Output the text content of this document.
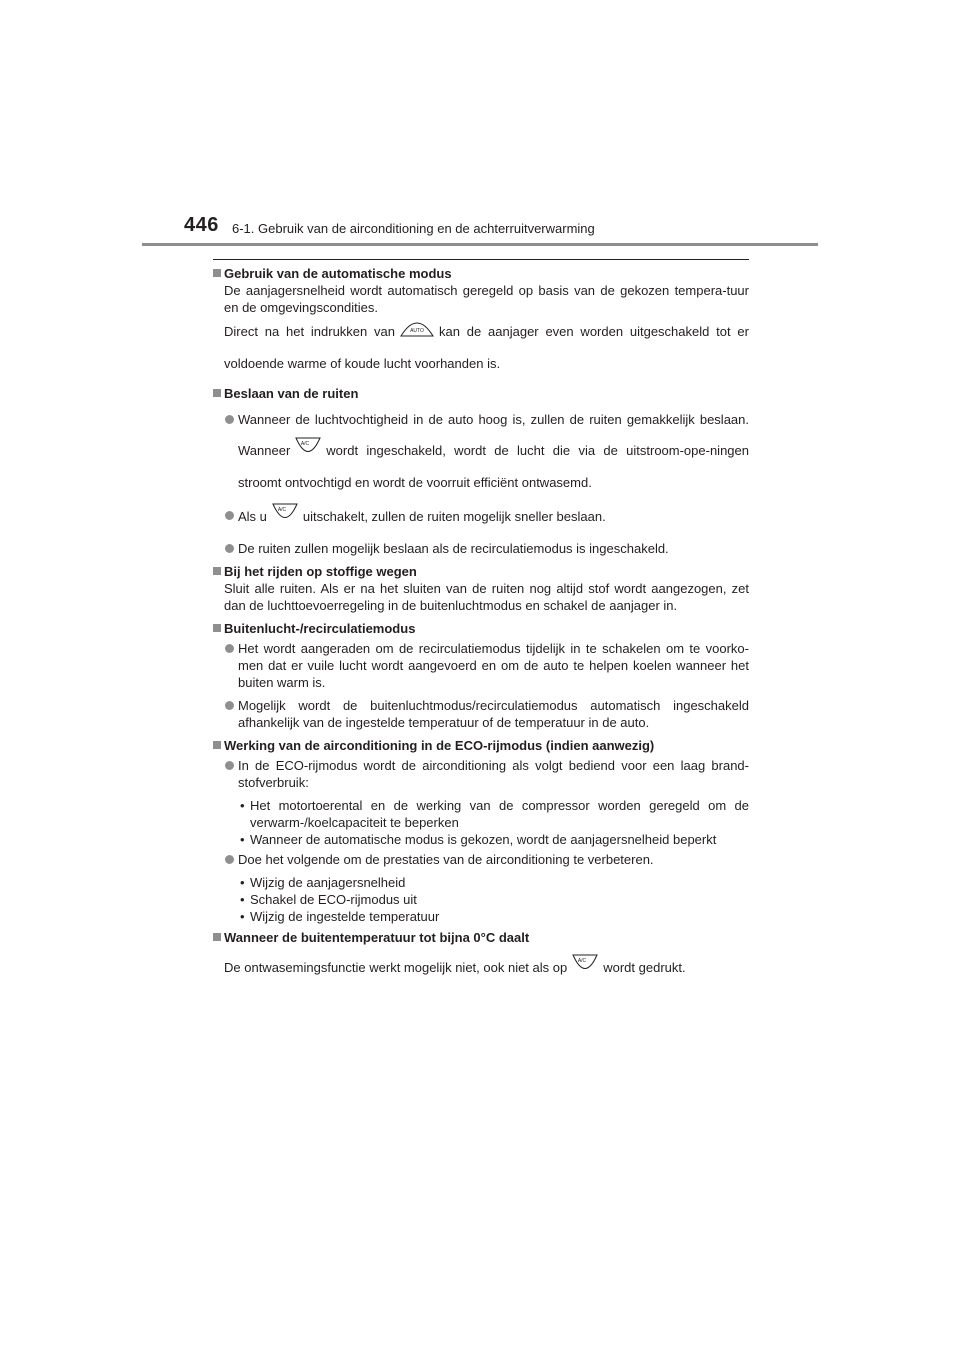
446 6-1. Gebruik van de airconditioning en de achterruitverwarming
Gebruik van de automatische modus
De aanjagersnelheid wordt automatisch geregeld op basis van de gekozen tempera-tuur en de omgevingscondities.
Direct na het indrukken van	AUTO kan de aanjager even worden uitgeschakeld tot er voldoende warme of koude lucht voorhanden is.
Beslaan van de ruiten
Wanneer de luchtvochtigheid in de auto hoog is, zullen de ruiten gemakkelijk beslaan. Wanneer A/C wordt ingeschakeld, wordt de lucht die via de uitstroom-ope-ningen stroomt ontvochtigd en wordt de voorruit efficiënt ontwasemd.
Als u A/C uitschakelt, zullen de ruiten mogelijk sneller beslaan.
De ruiten zullen mogelijk beslaan als de recirculatiemodus is ingeschakeld.
Bij het rijden op stoffige wegen
Sluit alle ruiten. Als er na het sluiten van de ruiten nog altijd stof wordt aangezogen, zet dan de luchttoevoerregeling in de buitenluchtmodus en schakel de aanjager in.
Buitenlucht-/recirculatiemodus
Het wordt aangeraden om de recirculatiemodus tijdelijk in te schakelen om te voorko-men dat er vuile lucht wordt aangevoerd en om de auto te helpen koelen wanneer het buiten warm is.
Mogelijk wordt de buitenluchtmodus/recirculatiemodus automatisch ingeschakeld afhankelijk van de ingestelde temperatuur of de temperatuur in de auto.
Werking van de airconditioning in de ECO-rijmodus (indien aanwezig)
In de ECO-rijmodus wordt de airconditioning als volgt bediend voor een laag brand-stofverbruik:
• Het motortoerental en de werking van de compressor worden geregeld om de verwarm-/koelcapaciteit te beperken
• Wanneer de automatische modus is gekozen, wordt de aanjagersnelheid beperkt
Doe het volgende om de prestaties van de airconditioning te verbeteren.
• Wijzig de aanjagersnelheid
• Schakel de ECO-rijmodus uit
• Wijzig de ingestelde temperatuur
Wanneer de buitentemperatuur tot bijna 0°C daalt
De ontwasemingsfunctie werkt mogelijk niet, ook niet als op A/C wordt gedrukt.
